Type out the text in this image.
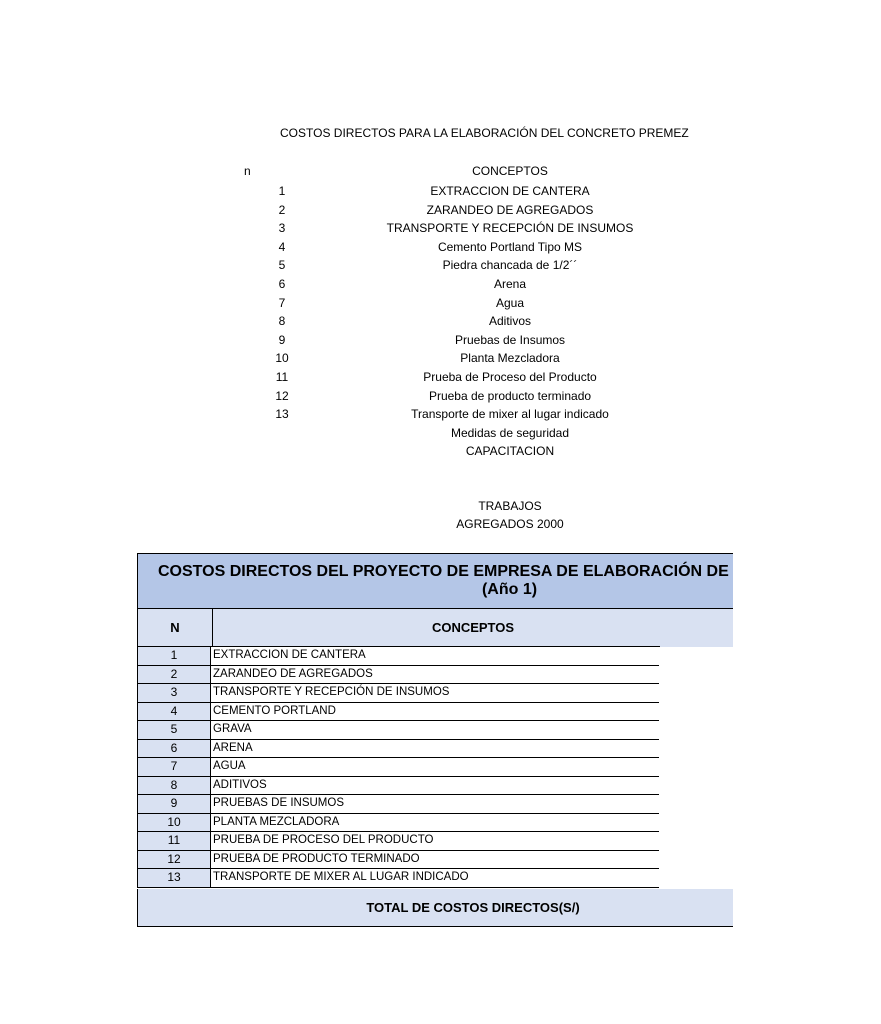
COSTOS DIRECTOS PARA LA ELABORACIÓN DEL CONCRETO PREMEZ
n	CONCEPTOS
1	EXTRACCION DE CANTERA
2	ZARANDEO DE AGREGADOS
3	TRANSPORTE Y RECEPCIÓN DE INSUMOS
4	Cemento Portland Tipo MS
5	Piedra chancada de 1/2´´
6	Arena
7	Agua
8	Aditivos
9	Pruebas de Insumos
10	Planta Mezcladora
11	Prueba de Proceso del Producto
12	Prueba de producto terminado
13	Transporte de mixer al lugar indicado
Medidas de seguridad
CAPACITACION
TRABAJOS
AGREGADOS 2000
COSTOS DIRECTOS DEL PROYECTO DE EMPRESA DE ELABORACIÓN DE
(Año 1)
N	CONCEPTOS
1	EXTRACCION DE CANTERA
2	ZARANDEO DE AGREGADOS
3	TRANSPORTE Y RECEPCIÓN DE INSUMOS
4	CEMENTO PORTLAND
5	GRAVA
6	ARENA
7	AGUA
8	ADITIVOS
9	PRUEBAS DE INSUMOS
10	PLANTA MEZCLADORA
11	PRUEBA DE PROCESO DEL PRODUCTO
12	PRUEBA DE PRODUCTO TERMINADO
13	TRANSPORTE DE MIXER AL LUGAR INDICADO
TOTAL DE COSTOS DIRECTOS(S/)
